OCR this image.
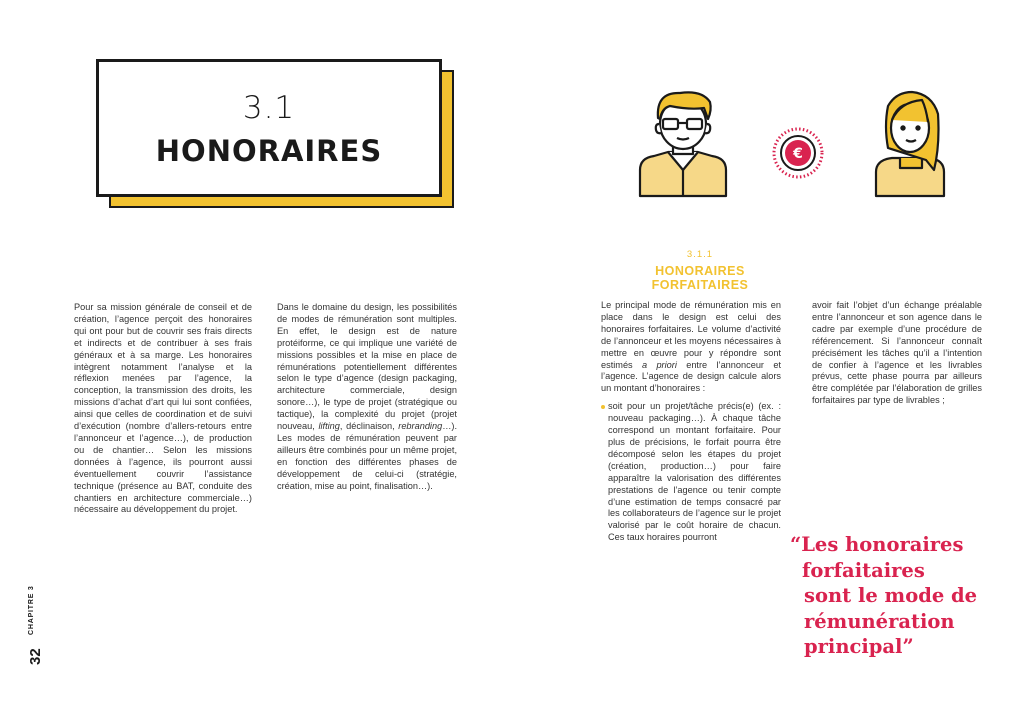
3.1
HONORAIRES	€

Pour sa mission générale de conseil et de création, l’agence perçoit des honoraires qui ont pour but de couvrir ses frais directs et indirects et de contribuer à ses frais généraux et à sa marge. Les honoraires intègrent notamment l’analyse et la réflexion menées par l’agence, la conception, la transmission des droits, les missions d’achat d’art qui lui sont confiées, ainsi que celles de coordination et de suivi d’exécution (nombre d’allers-retours entre l’annonceur et l’agence…), de production ou de chantier… Selon les missions données à l’agence, ils pourront aussi éventuellement couvrir l’assistance technique (présence au BAT, conduite des chantiers en architecture commerciale…) nécessaire au développement du projet.

Dans le domaine du design, les possibilités de modes de rémunération sont multiples. En effet, le design est de nature protéiforme, ce qui implique une variété de missions possibles et la mise en place de rémunérations potentiellement différentes selon le type d’agence (design packaging, architecture commerciale, design sonore…), le type de projet (stratégique ou tactique), la complexité du projet (projet nouveau, lifting, déclinaison, rebranding…). Les modes de rémunération peuvent par ailleurs être combinés pour un même projet, en fonction des différentes phases de développement de celui-ci (stratégie, création, mise au point, finalisation…).

3.1.1
HONORAIRES FORFAITAIRES

Le principal mode de rémunération mis en place dans le design est celui des honoraires forfaitaires. Le volume d’activité de l’annonceur et les moyens nécessaires à mettre en œuvre pour y répondre sont estimés a priori entre l’annonceur et l’agence. L’agence de design calcule alors un montant d’honoraires :

soit pour un projet/tâche précis(e) (ex. : nouveau packaging…). À chaque tâche correspond un montant forfaitaire. Pour plus de précisions, le forfait pourra être décomposé selon les étapes du projet (création, production…) pour faire apparaître la valorisation des différentes prestations de l’agence ou tenir compte d’une estimation de temps consacré par les collaborateurs de l’agence sur le projet valorisé par le coût horaire de chacun. Ces taux horaires pourront

avoir fait l’objet d’un échange préalable entre l’annonceur et son agence dans le cadre par exemple d’une procédure de référencement. Si l’annonceur connaît précisément les tâches qu’il a l’intention de confier à l’agence et les livrables prévus, cette phase pourra par ailleurs être complétée par l’élaboration de grilles forfaitaires par type de livrables ;

“Les honoraires
forfaitaires
sont le mode de
rémunération
principal”
CHAPITRE 3
32
